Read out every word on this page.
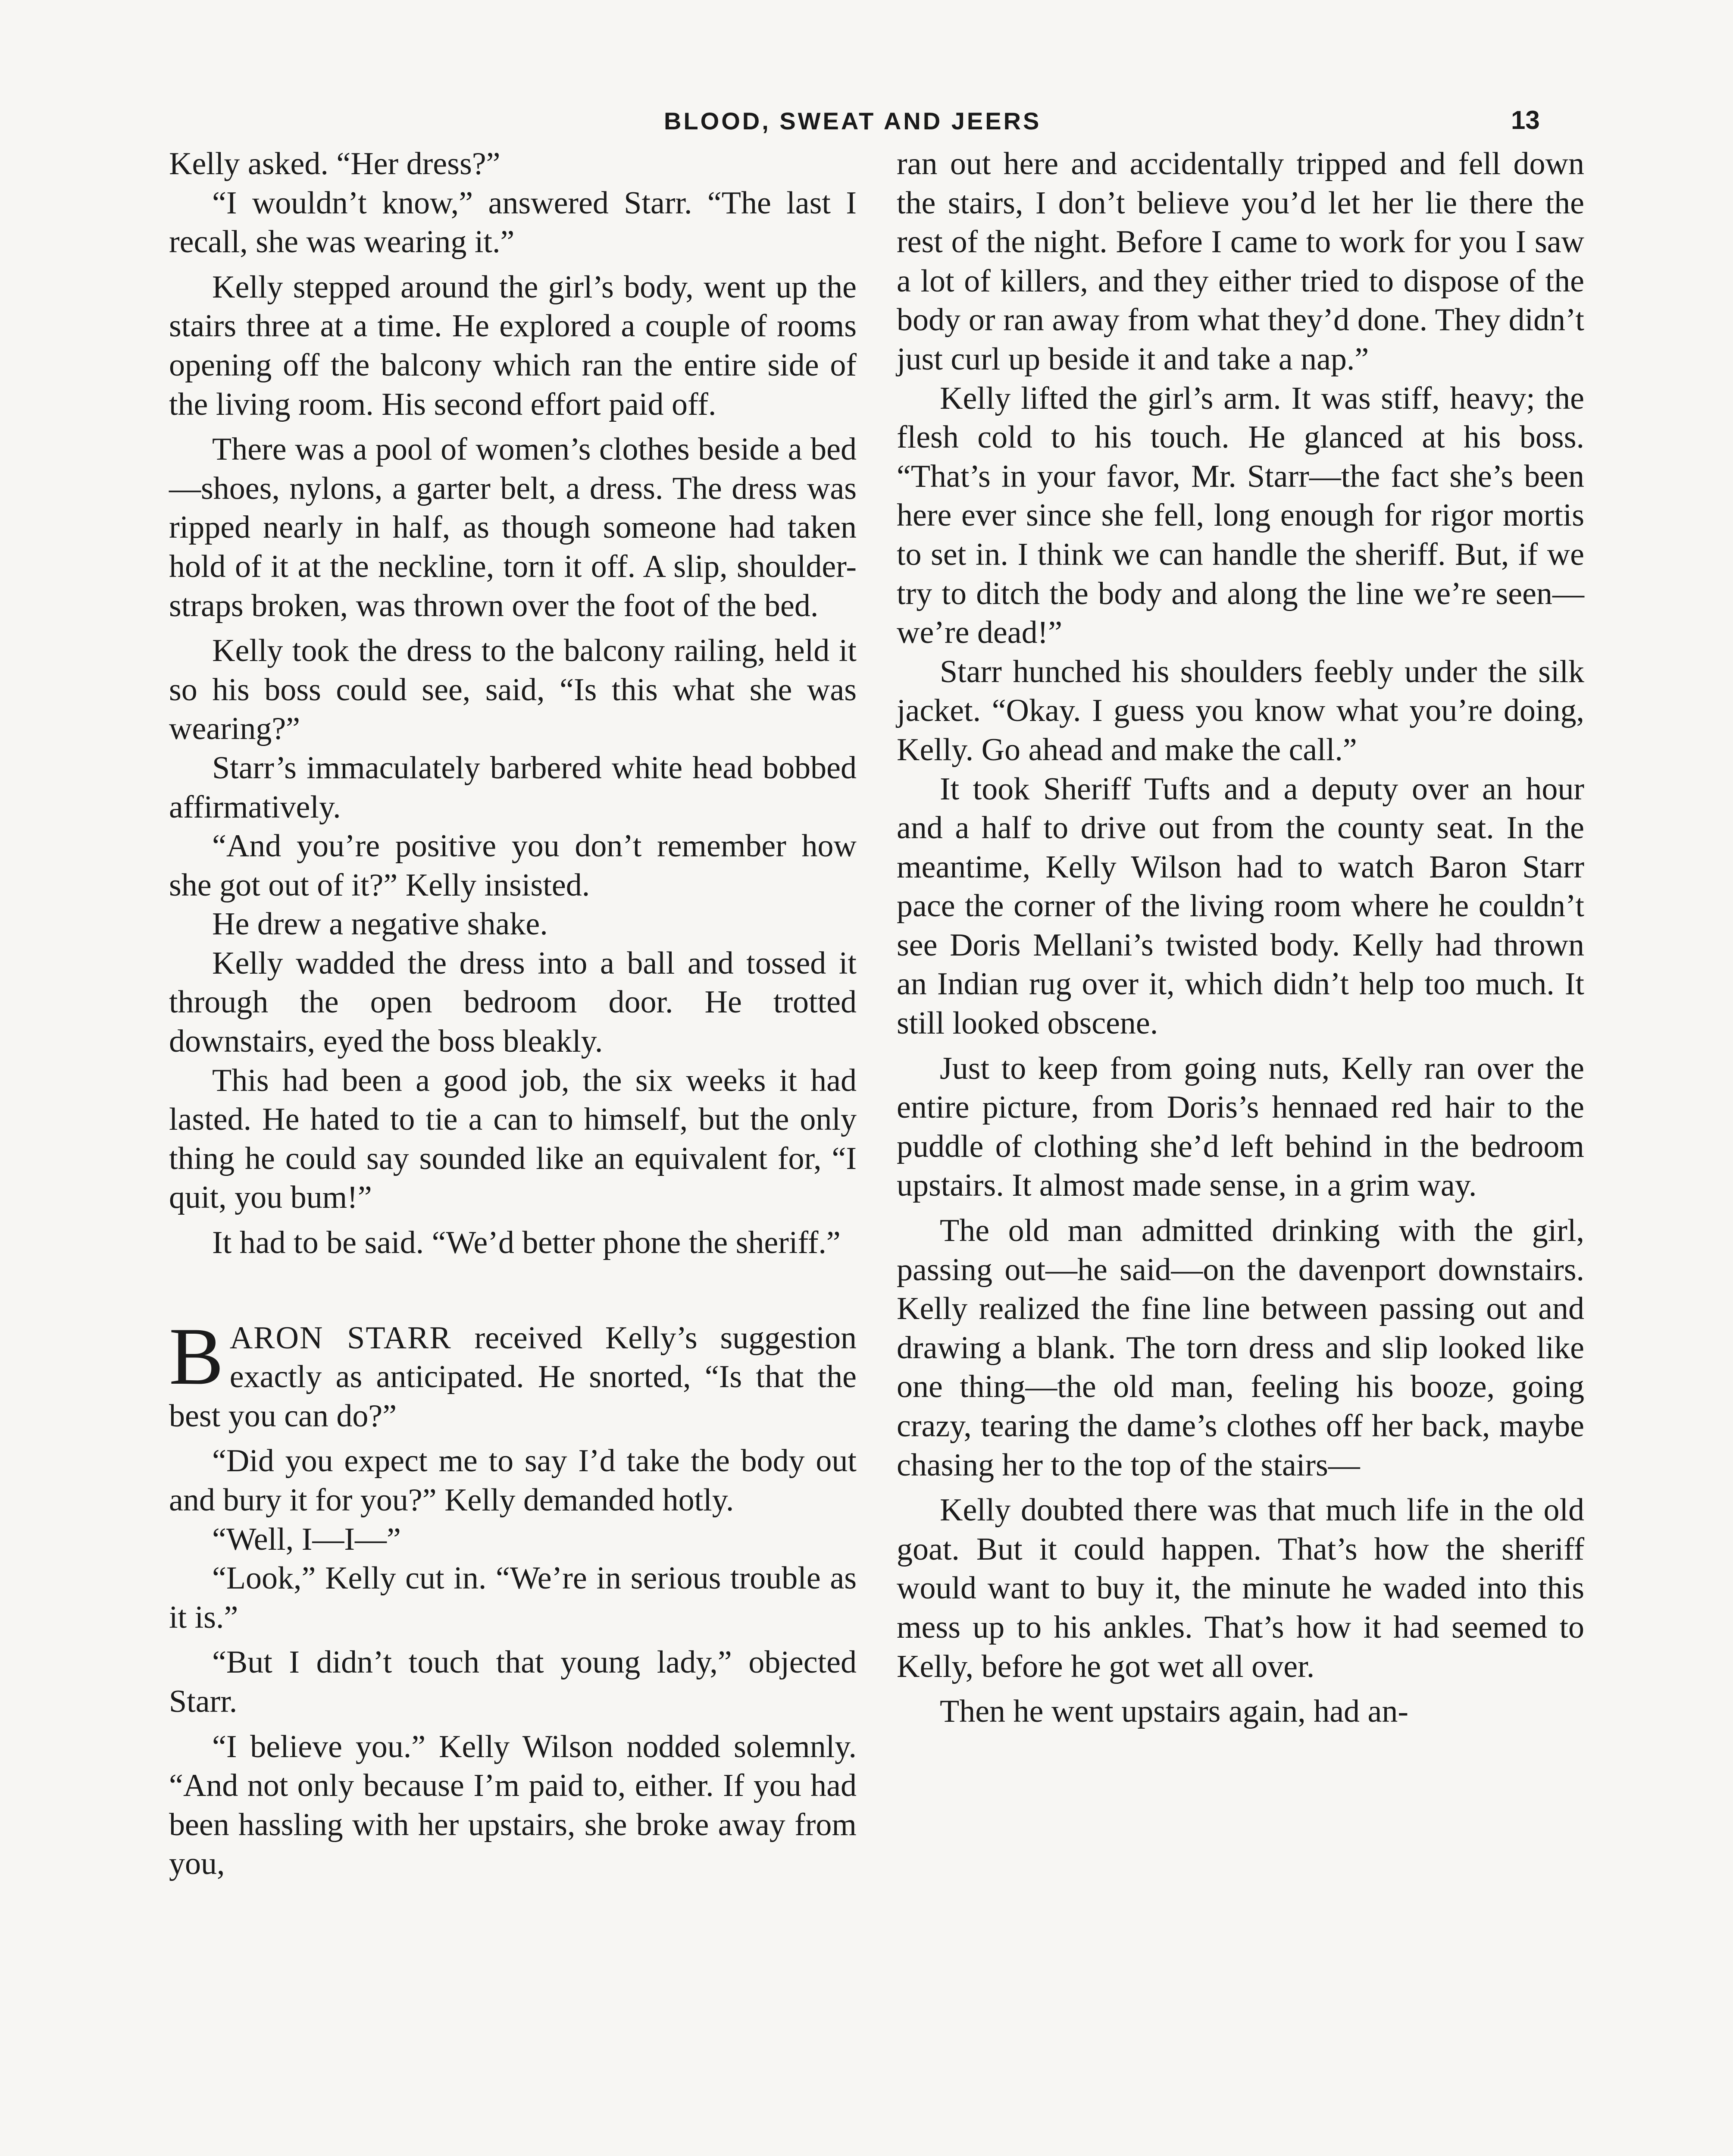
BLOOD, SWEAT AND JEERS	13

Kelly asked. “Her dress?”

“I wouldn’t know,” answered Starr. “The last I recall, she was wearing it.”

Kelly stepped around the girl’s body, went up the stairs three at a time. He explored a couple of rooms opening off the balcony which ran the entire side of the living room. His second effort paid off.

There was a pool of women’s clothes beside a bed—shoes, nylons, a garter belt, a dress. The dress was ripped nearly in half, as though someone had taken hold of it at the neckline, torn it off. A slip, shoulder-straps broken, was thrown over the foot of the bed.

Kelly took the dress to the balcony railing, held it so his boss could see, said, “Is this what she was wearing?”

Starr’s immaculately barbered white head bobbed affirmatively.

“And you’re positive you don’t remember how she got out of it?” Kelly insisted.

He drew a negative shake.

Kelly wadded the dress into a ball and tossed it through the open bedroom door. He trotted downstairs, eyed the boss bleakly.

This had been a good job, the six weeks it had lasted. He hated to tie a can to himself, but the only thing he could say sounded like an equivalent for, “I quit, you bum!”

It had to be said. “We’d better phone the sheriff.”

BARON STARR received Kelly’s suggestion exactly as anticipated. He snorted, “Is that the best you can do?”

“Did you expect me to say I’d take the body out and bury it for you?” Kelly demanded hotly.

“Well, I—I—”

“Look,” Kelly cut in. “We’re in serious trouble as it is.”

“But I didn’t touch that young lady,” objected Starr.

“I believe you.” Kelly Wilson nodded solemnly. “And not only because I’m paid to, either. If you had been hassling with her upstairs, she broke away from you,

ran out here and accidentally tripped and fell down the stairs, I don’t believe you’d let her lie there the rest of the night. Before I came to work for you I saw a lot of killers, and they either tried to dispose of the body or ran away from what they’d done. They didn’t just curl up beside it and take a nap.”

Kelly lifted the girl’s arm. It was stiff, heavy; the flesh cold to his touch. He glanced at his boss. “That’s in your favor, Mr. Starr—the fact she’s been here ever since she fell, long enough for rigor mortis to set in. I think we can handle the sheriff. But, if we try to ditch the body and along the line we’re seen—we’re dead!”

Starr hunched his shoulders feebly under the silk jacket. “Okay. I guess you know what you’re doing, Kelly. Go ahead and make the call.”

It took Sheriff Tufts and a deputy over an hour and a half to drive out from the county seat. In the meantime, Kelly Wilson had to watch Baron Starr pace the corner of the living room where he couldn’t see Doris Mellani’s twisted body. Kelly had thrown an Indian rug over it, which didn’t help too much. It still looked obscene.

Just to keep from going nuts, Kelly ran over the entire picture, from Doris’s hennaed red hair to the puddle of clothing she’d left behind in the bedroom upstairs. It almost made sense, in a grim way.

The old man admitted drinking with the girl, passing out—he said—on the davenport downstairs. Kelly realized the fine line between passing out and drawing a blank. The torn dress and slip looked like one thing—the old man, feeling his booze, going crazy, tearing the dame’s clothes off her back, maybe chasing her to the top of the stairs—

Kelly doubted there was that much life in the old goat. But it could happen. That’s how the sheriff would want to buy it, the minute he waded into this mess up to his ankles. That’s how it had seemed to Kelly, before he got wet all over.

Then he went upstairs again, had an-
